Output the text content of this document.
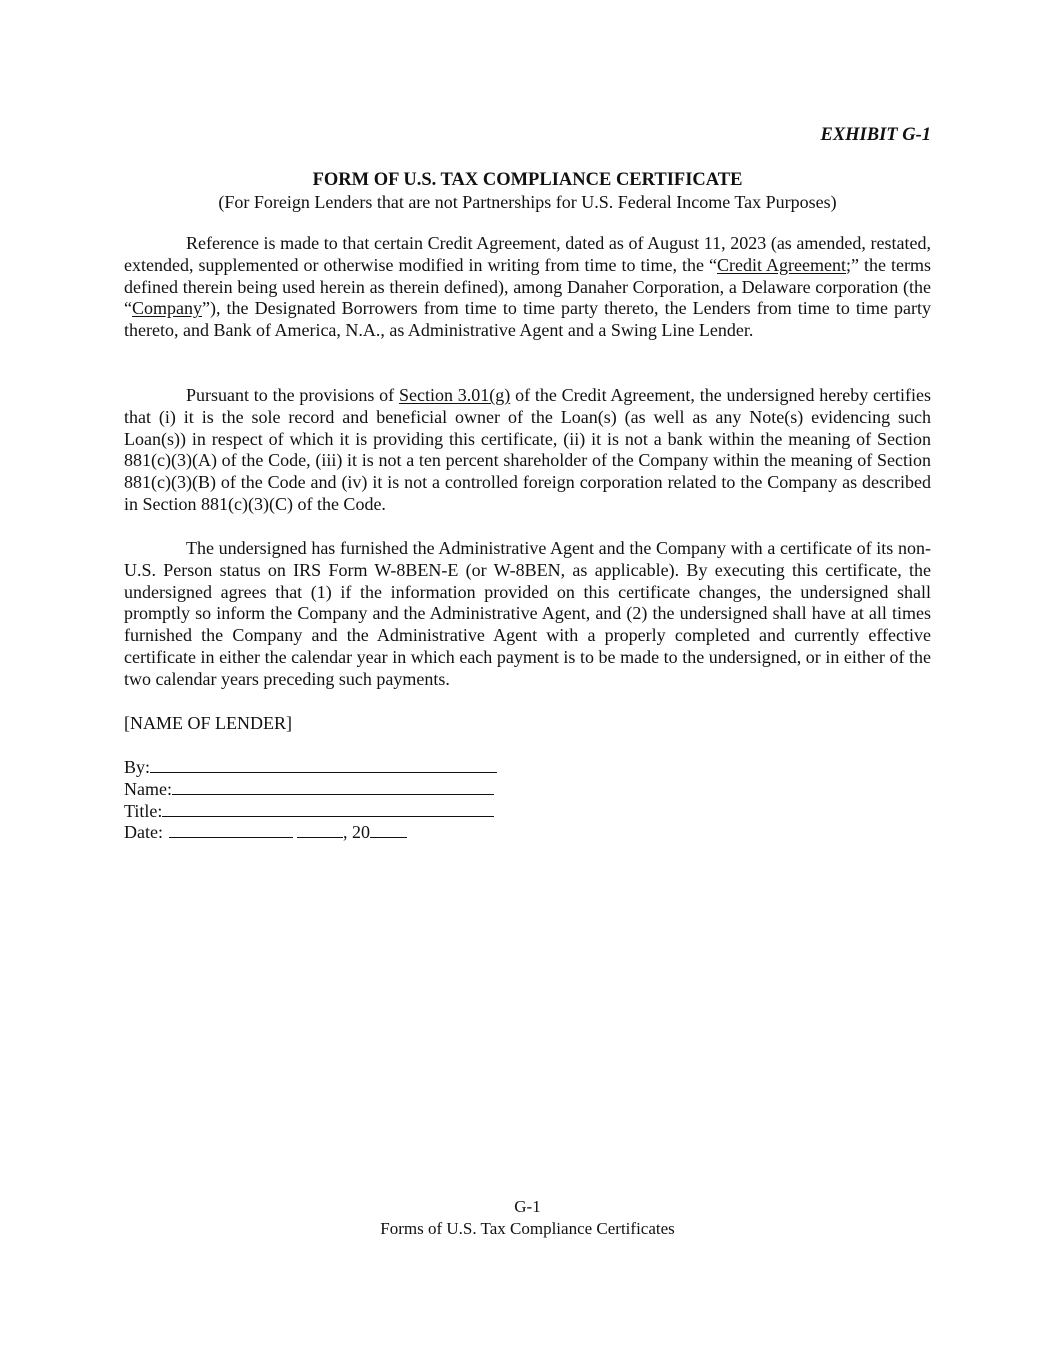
EXHIBIT G-1
FORM OF U.S. TAX COMPLIANCE CERTIFICATE
(For Foreign Lenders that are not Partnerships for U.S. Federal Income Tax Purposes)

Reference is made to that certain Credit Agreement, dated as of August 11, 2023 (as amended, restated, extended, supplemented or otherwise modified in writing from time to time, the “Credit Agreement;” the terms defined therein being used herein as therein defined), among Danaher Corporation, a Delaware corporation (the “Company”), the Designated Borrowers from time to time party thereto, the Lenders from time to time party thereto, and Bank of America, N.A., as Administrative Agent and a Swing Line Lender.

Pursuant to the provisions of Section 3.01(g) of the Credit Agreement, the undersigned hereby certifies that (i) it is the sole record and beneficial owner of the Loan(s) (as well as any Note(s) evidencing such Loan(s)) in respect of which it is providing this certificate, (ii) it is not a bank within the meaning of Section 881(c)(3)(A) of the Code, (iii) it is not a ten percent shareholder of the Company within the meaning of Section 881(c)(3)(B) of the Code and (iv) it is not a controlled foreign corporation related to the Company as described in Section 881(c)(3)(C) of the Code.

The undersigned has furnished the Administrative Agent and the Company with a certificate of its non-U.S. Person status on IRS Form W-8BEN-E (or W-8BEN, as applicable). By executing this certificate, the undersigned agrees that (1) if the information provided on this certificate changes, the undersigned shall promptly so inform the Company and the Administrative Agent, and (2) the undersigned shall have at all times furnished the Company and the Administrative Agent with a properly completed and currently effective certificate in either the calendar year in which each payment is to be made to the undersigned, or in either of the two calendar years preceding such payments.

[NAME OF LENDER]
By:
Name:
Title:
Date:	, 20
G-1
Forms of U.S. Tax Compliance Certificates
